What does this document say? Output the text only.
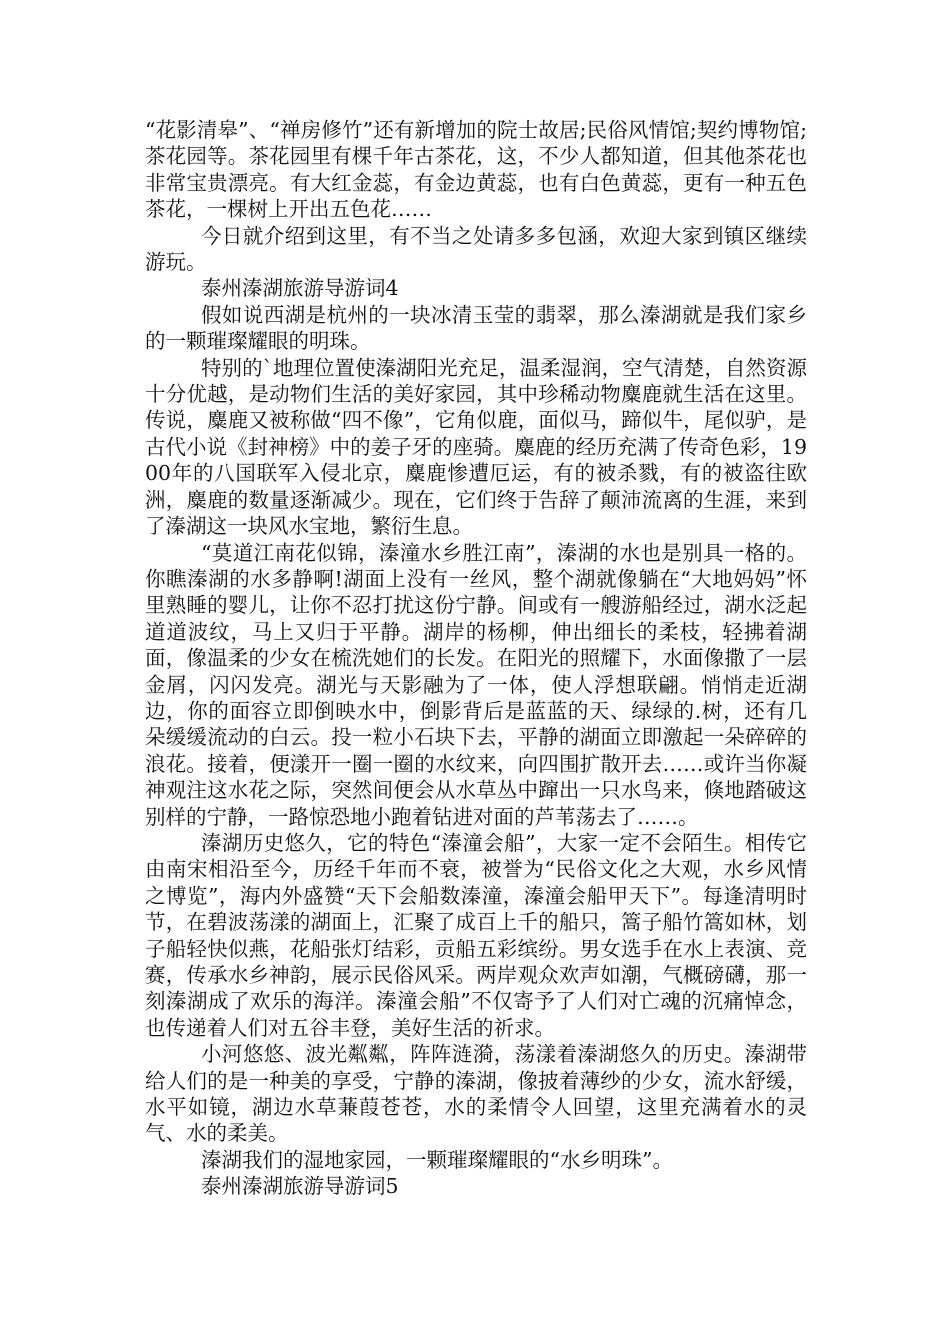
“花影清皋”、“禅房修竹”还有新增加的院士故居;民俗风情馆;契约博物馆;茶花园等。茶花园里有棵千年古茶花，这，不少人都知道，但其他茶花也非常宝贵漂亮。有大红金蕊，有金边黄蕊，也有白色黄蕊，更有一种五色茶花，一棵树上开出五色花……

今日就介绍到这里，有不当之处请多多包涵，欢迎大家到镇区继续游玩。

泰州溱湖旅游导游词4

假如说西湖是杭州的一块冰清玉莹的翡翠，那么溱湖就是我们家乡的一颗璀璨耀眼的明珠。

特别的`地理位置使溱湖阳光充足，温柔湿润，空气清楚，自然资源十分优越，是动物们生活的美好家园，其中珍稀动物麋鹿就生活在这里。传说，麋鹿又被称做“四不像”，它角似鹿，面似马，蹄似牛，尾似驴，是古代小说《封神榜》中的姜子牙的座骑。麋鹿的经历充满了传奇色彩，1900年的八国联军入侵北京，麋鹿惨遭厄运，有的被杀戮，有的被盗往欧洲，麋鹿的数量逐渐减少。现在，它们终于告辞了颠沛流离的生涯，来到了溱湖这一块风水宝地，繁衍生息。

“莫道江南花似锦，溱潼水乡胜江南”，溱湖的水也是别具一格的。你瞧溱湖的水多静啊!湖面上没有一丝风，整个湖就像躺在“大地妈妈”怀里熟睡的婴儿，让你不忍打扰这份宁静。间或有一艘游船经过，湖水泛起道道波纹，马上又归于平静。湖岸的杨柳，伸出细长的柔枝，轻拂着湖面，像温柔的少女在梳洗她们的长发。在阳光的照耀下，水面像撒了一层金屑，闪闪发亮。湖光与天影融为了一体，使人浮想联翩。悄悄走近湖边，你的面容立即倒映水中，倒影背后是蓝蓝的天、绿绿的.树，还有几朵缓缓流动的白云。投一粒小石块下去，平静的湖面立即激起一朵碎碎的浪花。接着，便漾开一圈一圈的水纹来，向四围扩散开去……或许当你凝神观注这水花之际，突然间便会从水草丛中蹿出一只水鸟来，倏地踏破这别样的宁静，一路惊恐地小跑着钻进对面的芦苇荡去了……。

溱湖历史悠久，它的特色“溱潼会船”，大家一定不会陌生。相传它由南宋相沿至今，历经千年而不衰，被誉为“民俗文化之大观，水乡风情之博览”，海内外盛赞“天下会船数溱潼，溱潼会船甲天下”。每逢清明时节，在碧波荡漾的湖面上，汇聚了成百上千的船只，篙子船竹篙如林，划子船轻快似燕，花船张灯结彩，贡船五彩缤纷。男女选手在水上表演、竞赛，传承水乡神韵，展示民俗风采。两岸观众欢声如潮，气概磅礴，那一刻溱湖成了欢乐的海洋。溱潼会船”不仅寄予了人们对亡魂的沉痛悼念，也传递着人们对五谷丰登，美好生活的祈求。

小河悠悠、波光粼粼，阵阵涟漪，荡漾着溱湖悠久的历史。溱湖带给人们的是一种美的享受，宁静的溱湖，像披着薄纱的少女，流水舒缓，水平如镜，湖边水草蒹葭苍苍，水的柔情令人回望，这里充满着水的灵气、水的柔美。

溱湖我们的湿地家园，一颗璀璨耀眼的“水乡明珠”。

泰州溱湖旅游导游词5
